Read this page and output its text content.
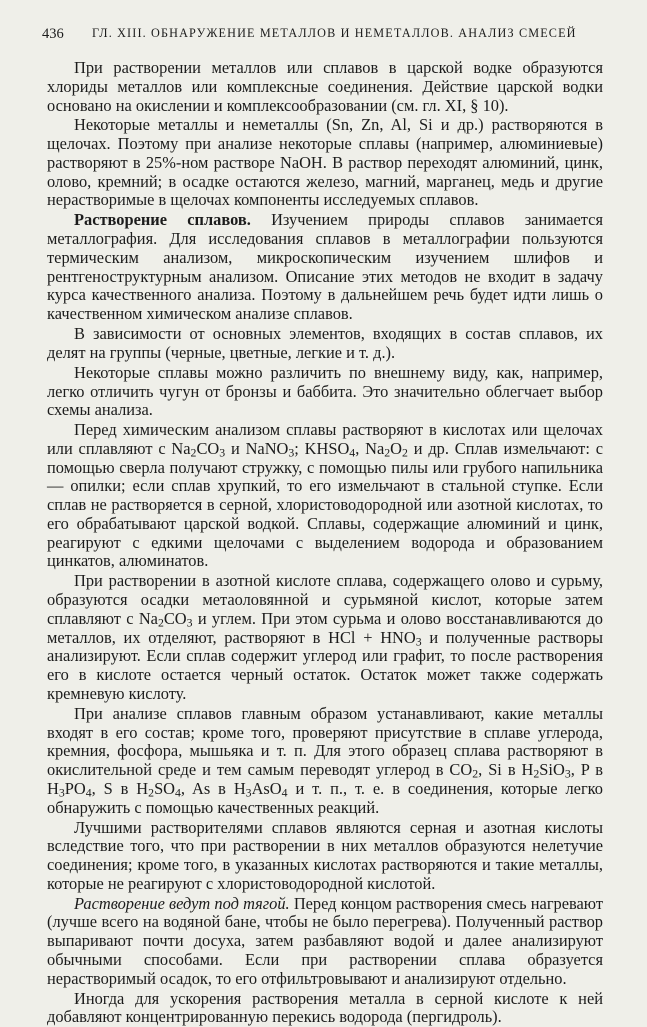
436 ГЛ. XIII. ОБНАРУЖЕНИЕ МЕТАЛЛОВ И НЕМЕТАЛЛОВ. АНАЛИЗ СМЕСЕЙ

При растворении металлов или сплавов в царской водке образуются хлориды металлов или комплексные соединения. Действие царской водки основано на окислении и комплексообразовании (см. гл. XI, § 10).

Некоторые металлы и неметаллы (Sn, Zn, Al, Si и др.) растворяются в щелочах. Поэтому при анализе некоторые сплавы (например, алюминиевые) растворяют в 25%-ном растворе NaOH. В раствор переходят алюминий, цинк, олово, кремний; в осадке остаются железо, магний, марганец, медь и другие нерастворимые в щелочах компоненты исследуемых сплавов.

Растворение сплавов. Изучением природы сплавов занимается металлография. Для исследования сплавов в металлографии пользуются термическим анализом, микроскопическим изучением шлифов и рентгеноструктурным анализом. Описание этих методов не входит в задачу курса качественного анализа. Поэтому в дальнейшем речь будет идти лишь о качественном химическом анализе сплавов.

В зависимости от основных элементов, входящих в состав сплавов, их делят на группы (черные, цветные, легкие и т. д.).

Некоторые сплавы можно различить по внешнему виду, как, например, легко отличить чугун от бронзы и баббита. Это значительно облегчает выбор схемы анализа.

Перед химическим анализом сплавы растворяют в кислотах или щелочах или сплавляют с $Na_2CO_3$ и NaNO$_3$; $KHSO_4$, $Na_2O_2$ и др. Сплав измельчают: с помощью сверла получают стружку, с помощью пилы или грубого напильника — опилки; если сплав хрупкий, то его измельчают в стальной ступке. Если сплав не растворяется в серной, хлористоводородной или азотной кислотах, то его обрабатывают царской водкой. Сплавы, содержащие алюминий и цинк, реагируют с едкими щелочами с выделением водорода и образованием цинкатов, алюминатов.

При растворении в азотной кислоте сплава, содержащего олово и сурьму, образуются осадки метаоловянной и сурьмяной кислот, которые затем сплавляют с $Na_2CO_3$ и углем. При этом сурьма и олово восстанавливаются до металлов, их отделяют, растворяют в HCl + $HNO_3$ и полученные растворы анализируют. Если сплав содержит углерод или графит, то после растворения его в кислоте остается черный остаток. Остаток может также содержать кремневую кислоту.

При анализе сплавов главным образом устанавливают, какие металлы входят в его состав; кроме того, проверяют присутствие в сплаве углерода, кремния, фосфора, мышьяка и т. п. Для этого образец сплава растворяют в окислительной среде и тем самым переводят углерод в $CO_2$, Si в $H_2SiO_3$, P в $H_3PO_4$, S в $H_2SO_4$, As в $H_3AsO_4$ и т. п., т. е. в соединения, которые легко обнаружить с помощью качественных реакций.

Лучшими растворителями сплавов являются серная и азотная кислоты вследствие того, что при растворении в них металлов образуются нелетучие соединения; кроме того, в указанных кислотах растворяются и такие металлы, которые не реагируют с хлористоводородной кислотой.

Растворение ведут под тягой. Перед концом растворения смесь нагревают (лучше всего на водяной бане, чтобы не было перегрева). Полученный раствор выпаривают почти досуха, затем разбавляют водой и далее анализируют обычными способами. Если при растворении сплава образуется нерастворимый осадок, то его отфильтровывают и анализируют отдельно.

Иногда для ускорения растворения металла в серной кислоте к ней добавляют концентрированную перекись водорода (пергидроль).
